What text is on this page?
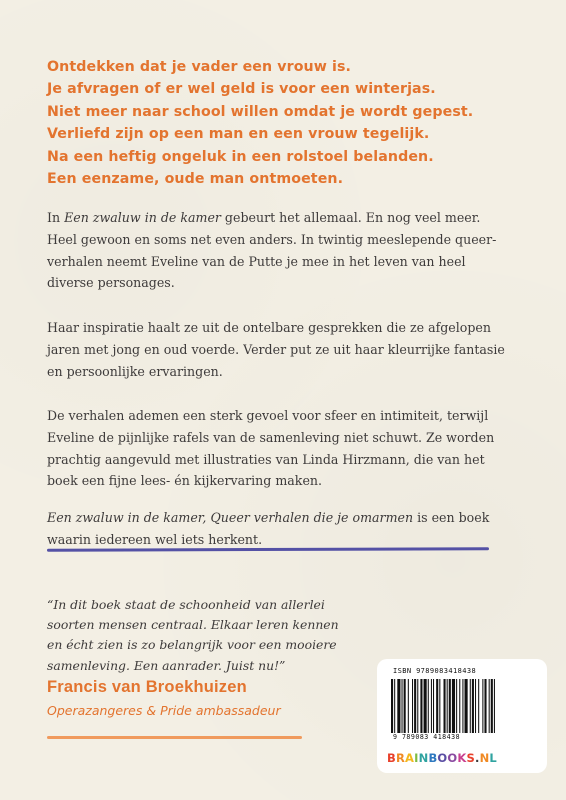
Ontdekken dat je vader een vrouw is.
Je afvragen of er wel geld is voor een winterjas.
Niet meer naar school willen omdat je wordt gepest.
Verliefd zijn op een man en een vrouw tegelijk.
Na een heftig ongeluk in een rolstoel belanden.
Een eenzame, oude man ontmoeten.
In Een zwaluw in de kamer gebeurt het allemaal. En nog veel meer.
Heel gewoon en soms net even anders. In twintig meeslepende queer-
verhalen neemt Eveline van de Putte je mee in het leven van heel
diverse personages.
Haar inspiratie haalt ze uit de ontelbare gesprekken die ze afgelopen
jaren met jong en oud voerde. Verder put ze uit haar kleurrijke fantasie
en persoonlijke ervaringen.
De verhalen ademen een sterk gevoel voor sfeer en intimiteit, terwijl
Eveline de pijnlijke rafels van de samenleving niet schuwt. Ze worden
prachtig aangevuld met illustraties van Linda Hirzmann, die van het
boek een fijne lees- én kijkervaring maken.
Een zwaluw in de kamer, Queer verhalen die je omarmen is een boek
waarin iedereen wel iets herkent.
“In dit boek staat de schoonheid van allerlei
soorten mensen centraal. Elkaar leren kennen
en écht zien is zo belangrijk voor een mooiere
samenleving. Een aanrader. Juist nu!”
Francis van Broekhuizen
Operazangeres & Pride ambassadeur
ISBN 9789083418438
9 789083 418438
BRAINBOOKS.NL
